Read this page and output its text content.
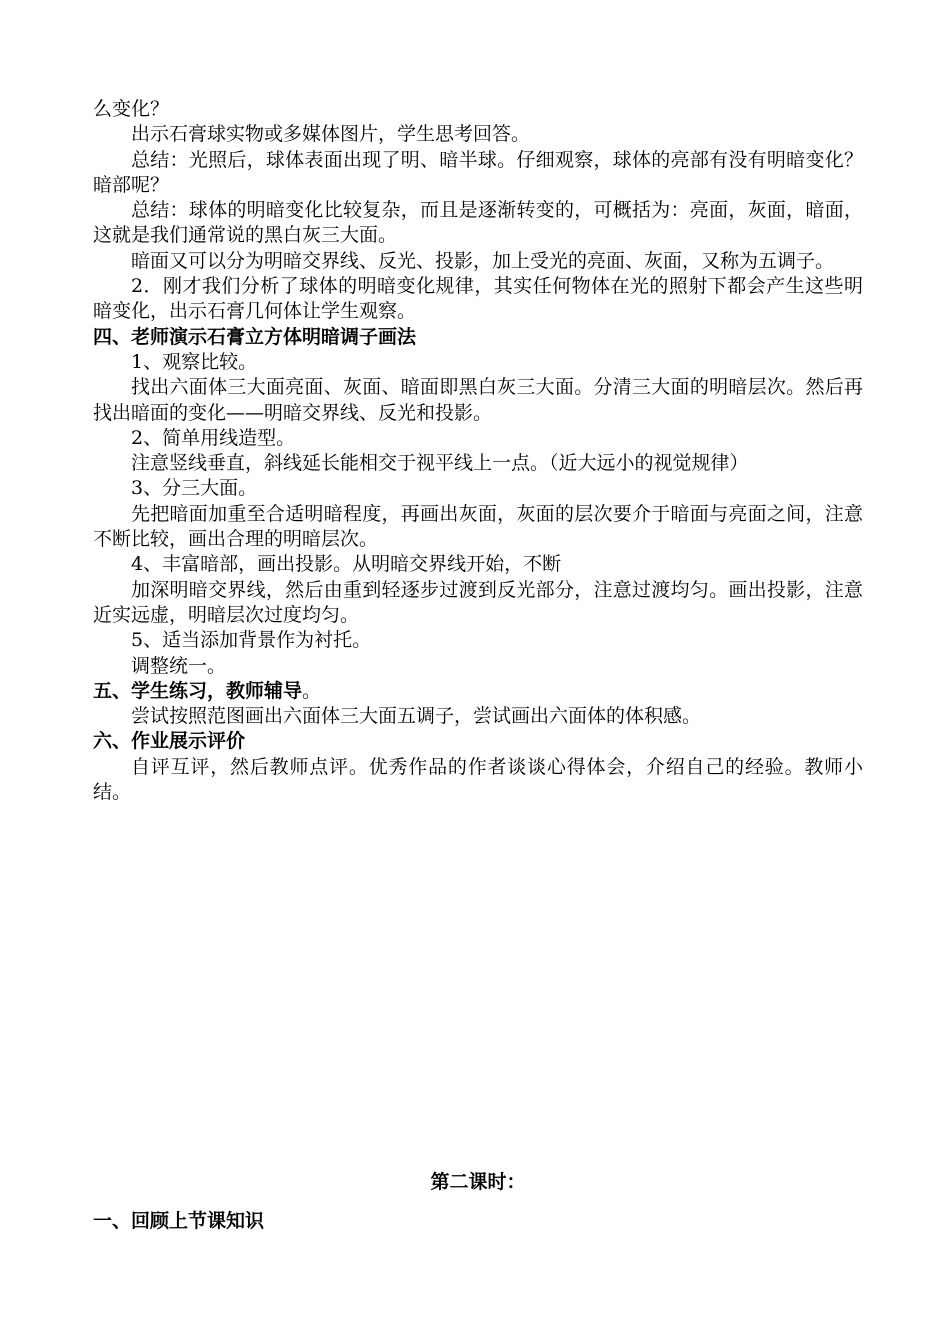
么变化？

出示石膏球实物或多媒体图片，学生思考回答。

总结：光照后，球体表面出现了明、暗半球。仔细观察，球体的亮部有没有明暗变化？暗部呢？

总结：球体的明暗变化比较复杂，而且是逐渐转变的，可概括为：亮面，灰面，暗面，这就是我们通常说的黑白灰三大面。

暗面又可以分为明暗交界线、反光、投影，加上受光的亮面、灰面，又称为五调子。

2．刚才我们分析了球体的明暗变化规律，其实任何物体在光的照射下都会产生这些明暗变化，出示石膏几何体让学生观察。

四、老师演示石膏立方体明暗调子画法

1、观察比较。

找出六面体三大面亮面、灰面、暗面即黑白灰三大面。分清三大面的明暗层次。然后再找出暗面的变化——明暗交界线、反光和投影。

2、简单用线造型。

注意竖线垂直，斜线延长能相交于视平线上一点。（近大远小的视觉规律）

3、分三大面。

先把暗面加重至合适明暗程度，再画出灰面，灰面的层次要介于暗面与亮面之间，注意不断比较，画出合理的明暗层次。

4、丰富暗部，画出投影。从明暗交界线开始，不断

加深明暗交界线，然后由重到轻逐步过渡到反光部分，注意过渡均匀。画出投影，注意近实远虚，明暗层次过度均匀。

5、适当添加背景作为衬托。

调整统一。

五、学生练习，教师辅导。

尝试按照范图画出六面体三大面五调子，尝试画出六面体的体积感。

六、作业展示评价

自评互评，然后教师点评。优秀作品的作者谈谈心得体会，介绍自己的经验。教师小结。

第二课时：

一、回顾上节课知识
